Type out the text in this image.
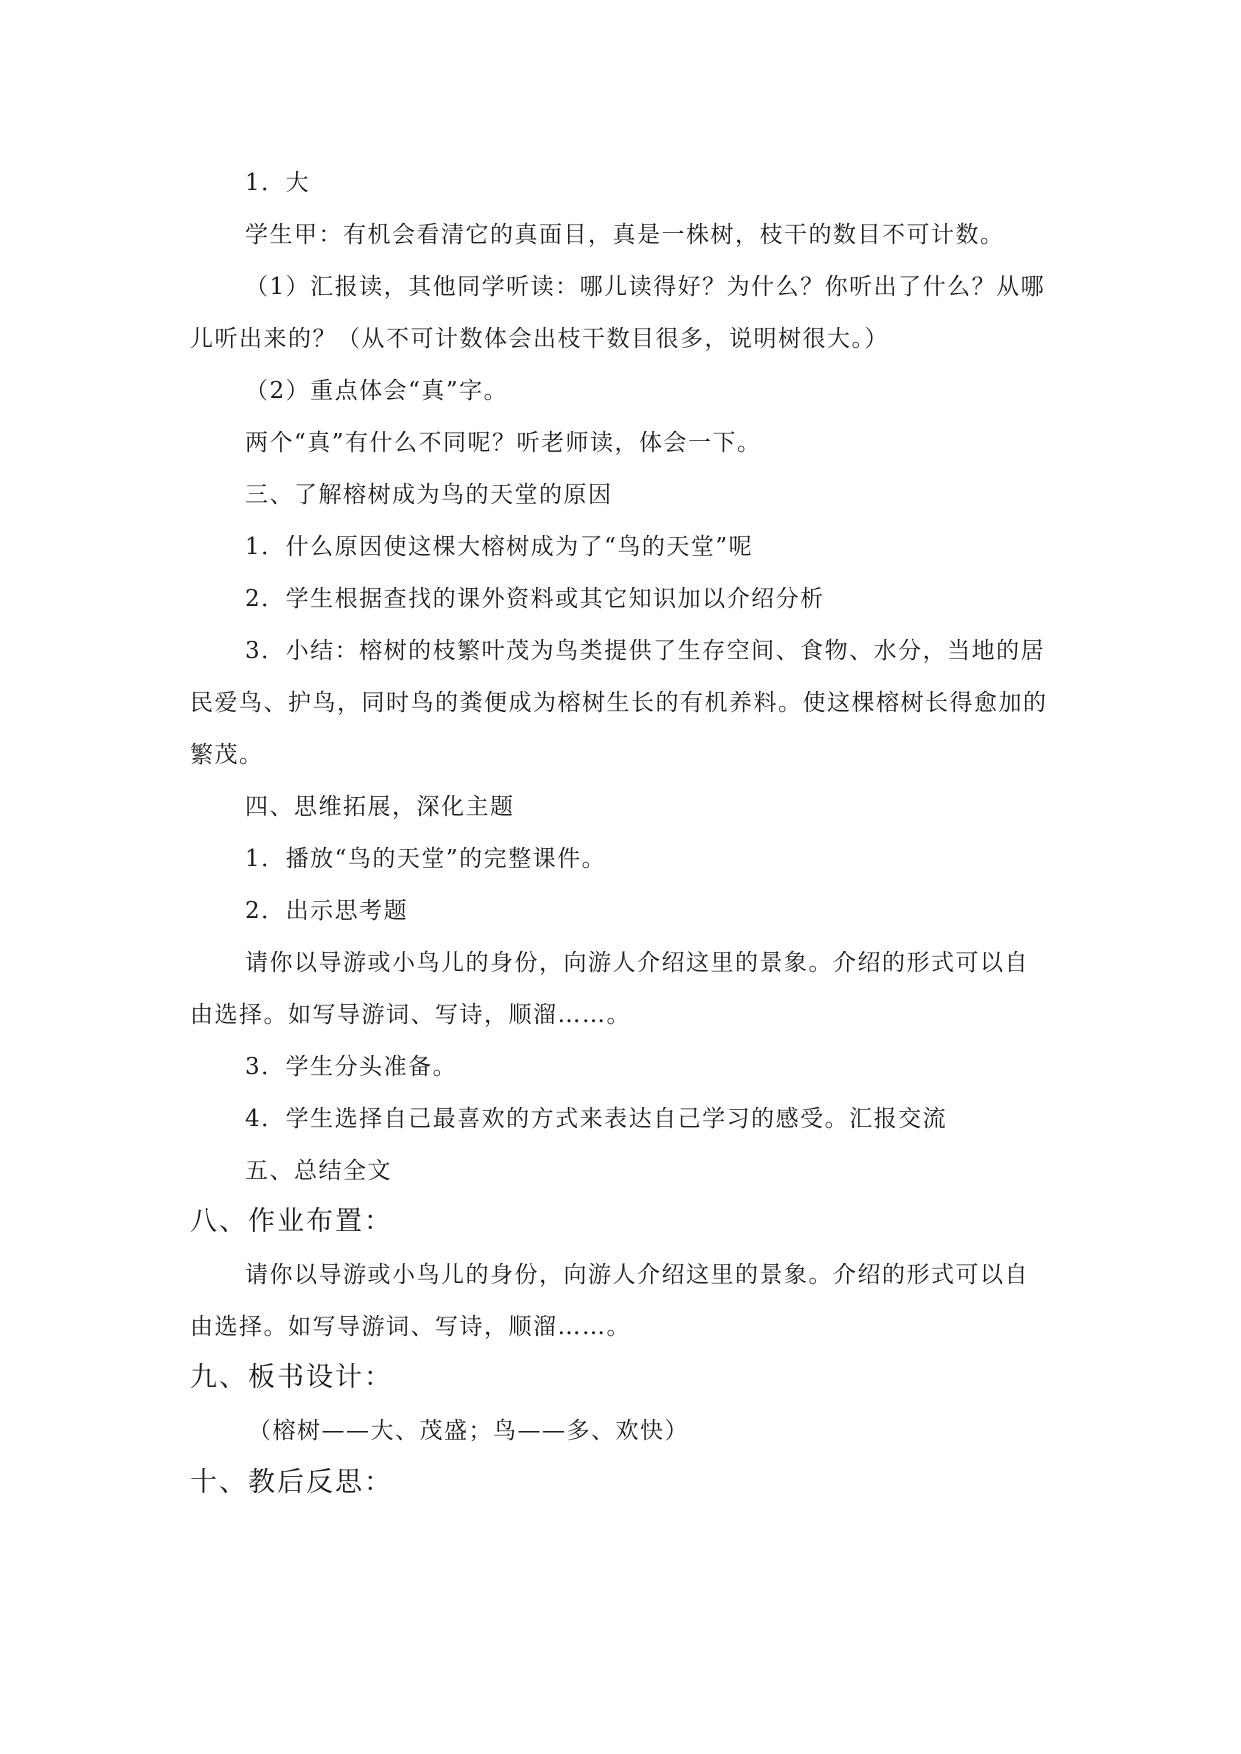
1．大
学生甲：有机会看清它的真面目，真是一株树，枝干的数目不可计数。
（1）汇报读，其他同学听读：哪儿读得好？为什么？你听出了什么？从哪
儿听出来的？（从不可计数体会出枝干数目很多，说明树很大。）
（2）重点体会“真”字。
两个“真”有什么不同呢？听老师读，体会一下。
三、了解榕树成为鸟的天堂的原因
1．什么原因使这棵大榕树成为了“鸟的天堂”呢
2．学生根据查找的课外资料或其它知识加以介绍分析
3．小结：榕树的枝繁叶茂为鸟类提供了生存空间、食物、水分，当地的居
民爱鸟、护鸟，同时鸟的粪便成为榕树生长的有机养料。使这棵榕树长得愈加的
繁茂。
四、思维拓展，深化主题
1．播放“鸟的天堂”的完整课件。
2．出示思考题
请你以导游或小鸟儿的身份，向游人介绍这里的景象。介绍的形式可以自
由选择。如写导游词、写诗，顺溜……。
3．学生分头准备。
4．学生选择自己最喜欢的方式来表达自己学习的感受。汇报交流
五、总结全文
八、作业布置：
请你以导游或小鸟儿的身份，向游人介绍这里的景象。介绍的形式可以自
由选择。如写导游词、写诗，顺溜……。
九、板书设计：
（榕树——大、茂盛；鸟——多、欢快）
十、教后反思：
